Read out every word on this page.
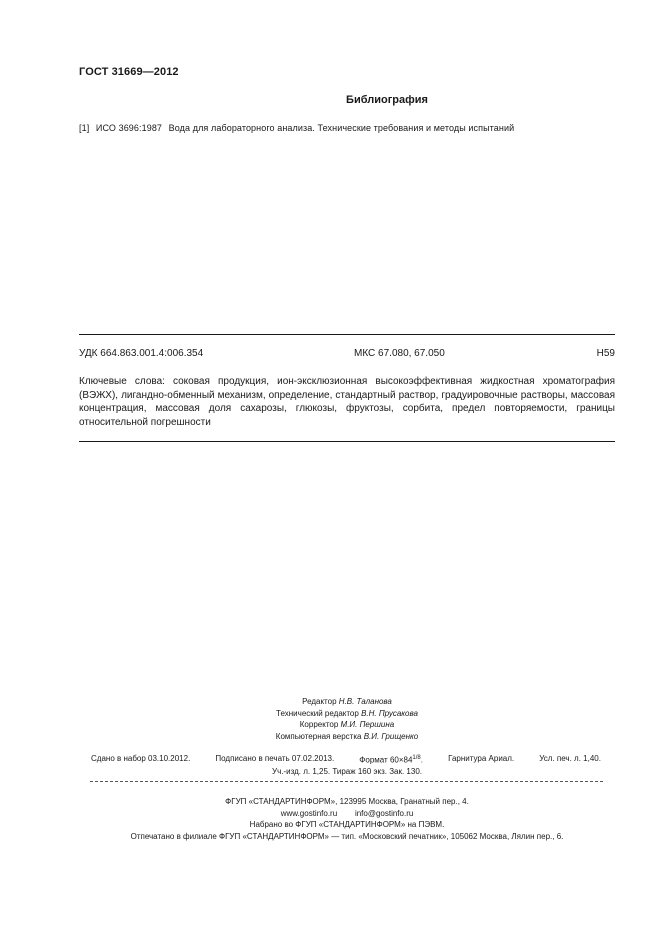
ГОСТ 31669—2012
Библиография
[1] ИСО 3696:1987 Вода для лабораторного анализа. Технические требования и методы испытаний
УДК 664.863.001.4:006.354	МКС 67.080, 67.050	Н59
Ключевые слова: соковая продукция, ион-эксклюзионная высокоэффективная жидкостная хроматография (ВЭЖХ), лигандно-обменный механизм, определение, стандартный раствор, градуировочные растворы, массовая концентрация, массовая доля сахарозы, глюкозы, фруктозы, сорбита, предел повторяемости, границы относительной погрешности
Редактор Н.В. Таланова
Технический редактор В.Н. Прусакова
Корректор М.И. Першина
Компьютерная верстка В.И. Грищенко
Сдано в набор 03.10.2012.	Подписано в печать 07.02.2013.	Формат $60\times 84^{1/8}$.	Гарнитура Ариал.	Усл. печ. л. 1,40.
Уч.-изд. л. 1,25. Тираж 160 экз. Зак. 130.
ФГУП «СТАНДАРТИНФОРМ», 123995 Москва, Гранатный пер., 4.
www.gostinfo.ru        info@gostinfo.ru
Набрано во ФГУП «СТАНДАРТИНФОРМ» на ПЭВМ.
Отпечатано в филиале ФГУП «СТАНДАРТИНФОРМ» — тип. «Московский печатник», 105062 Москва, Лялин пер., 6.
